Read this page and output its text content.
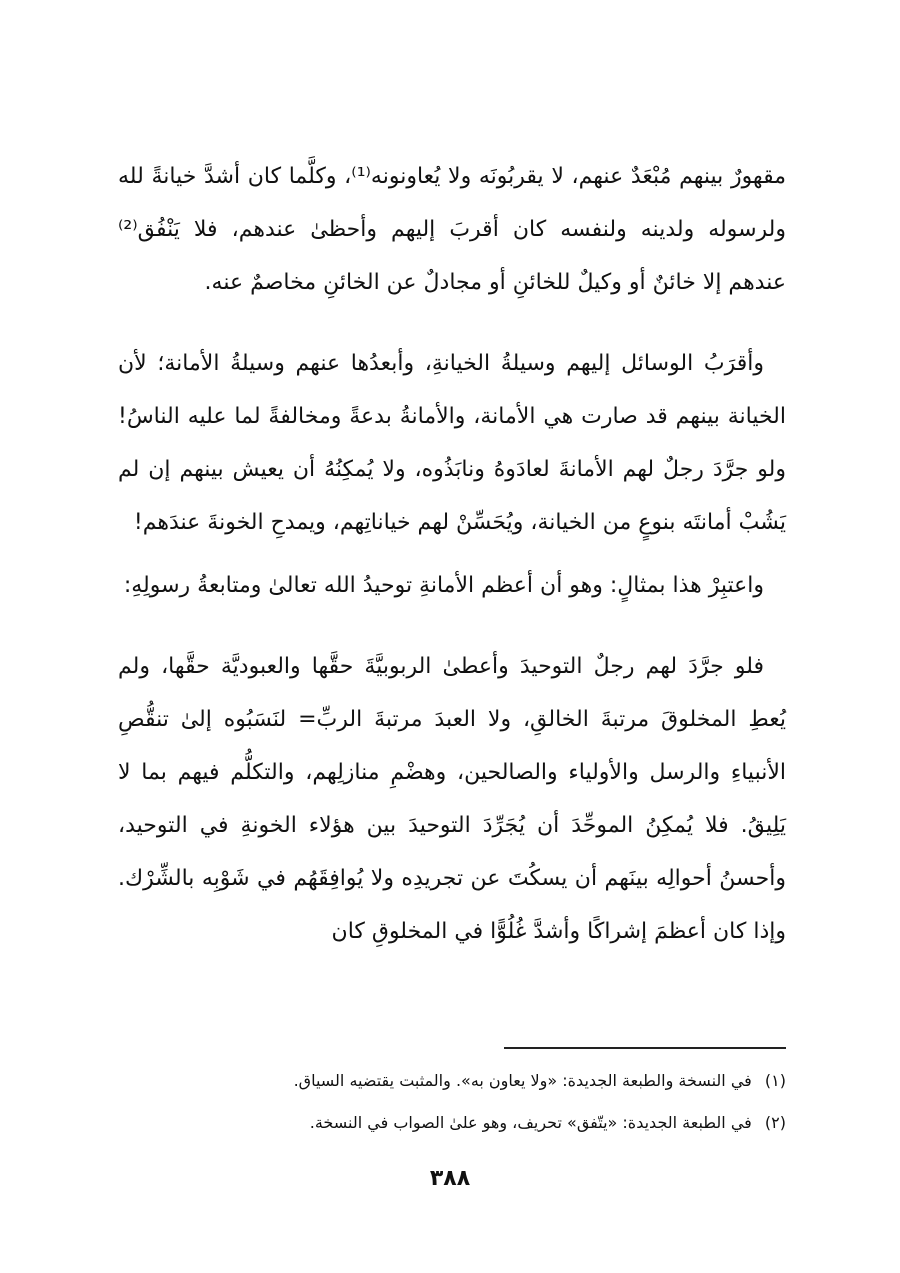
مقهورٌ بينهم مُبْعَدٌ عنهم، لا يقربُونَه ولا يُعاونونه⁽¹⁾، وكلَّما كان أشدَّ خيانةً لله ولرسوله ولدينه ولنفسه كان أقربَ إليهم وأحظىٰ عندهم، فلا يَنْفُق⁽²⁾ عندهم إلا خائنٌ أو وكيلٌ للخائنِ أو مجادلٌ عن الخائنِ مخاصمٌ عنه.

وأقرَبُ الوسائل إليهم وسيلةُ الخيانةِ، وأبعدُها عنهم وسيلةُ الأمانة؛ لأن الخيانة بينهم قد صارت هي الأمانة، والأمانةُ بدعةً ومخالفةً لما عليه الناسُ! ولو جرَّدَ رجلٌ لهم الأمانةَ لعادَوهُ ونابَذُوه، ولا يُمكِنُهُ أن يعيش بينهم إن لم يَشُبْ أمانتَه بنوعٍ من الخيانة، ويُحَسِّنْ لهم خياناتِهم، ويمدحِ الخونةَ عندَهم!

واعتبِرْ هذا بمثالٍ: وهو أن أعظم الأمانةِ توحيدُ الله تعالىٰ ومتابعةُ رسولِهِ:

فلو جرَّدَ لهم رجلٌ التوحيدَ وأعطىٰ الربوبيَّةَ حقَّها والعبوديَّة حقَّها، ولم يُعطِ المخلوقَ مرتبةَ الخالقِ، ولا العبدَ مرتبةَ الربِّ= لنَسَبُوه إلىٰ تنقُّصِ الأنبياءِ والرسل والأولياء والصالحين، وهضْمِ منازلِهم، والتكلُّم فيهم بما لا يَلِيقُ. فلا يُمكِنُ الموحِّدَ أن يُجَرِّدَ التوحيدَ بين هؤلاء الخونةِ في التوحيد، وأحسنُ أحوالِه بينَهم أن يسكُتَ عن تجريدِه ولا يُوافِقَهُم في شَوْبِه بالشِّرْك. وإذا كان أعظمَ إشراكًا وأشدَّ غُلُوًّا في المخلوقِ كان

(١) في النسخة والطبعة الجديدة: «ولا يعاون به». والمثبت يقتضيه السياق.

(٢) في الطبعة الجديدة: «يتّفق» تحريف، وهو علىٰ الصواب في النسخة.

٣٨٨
